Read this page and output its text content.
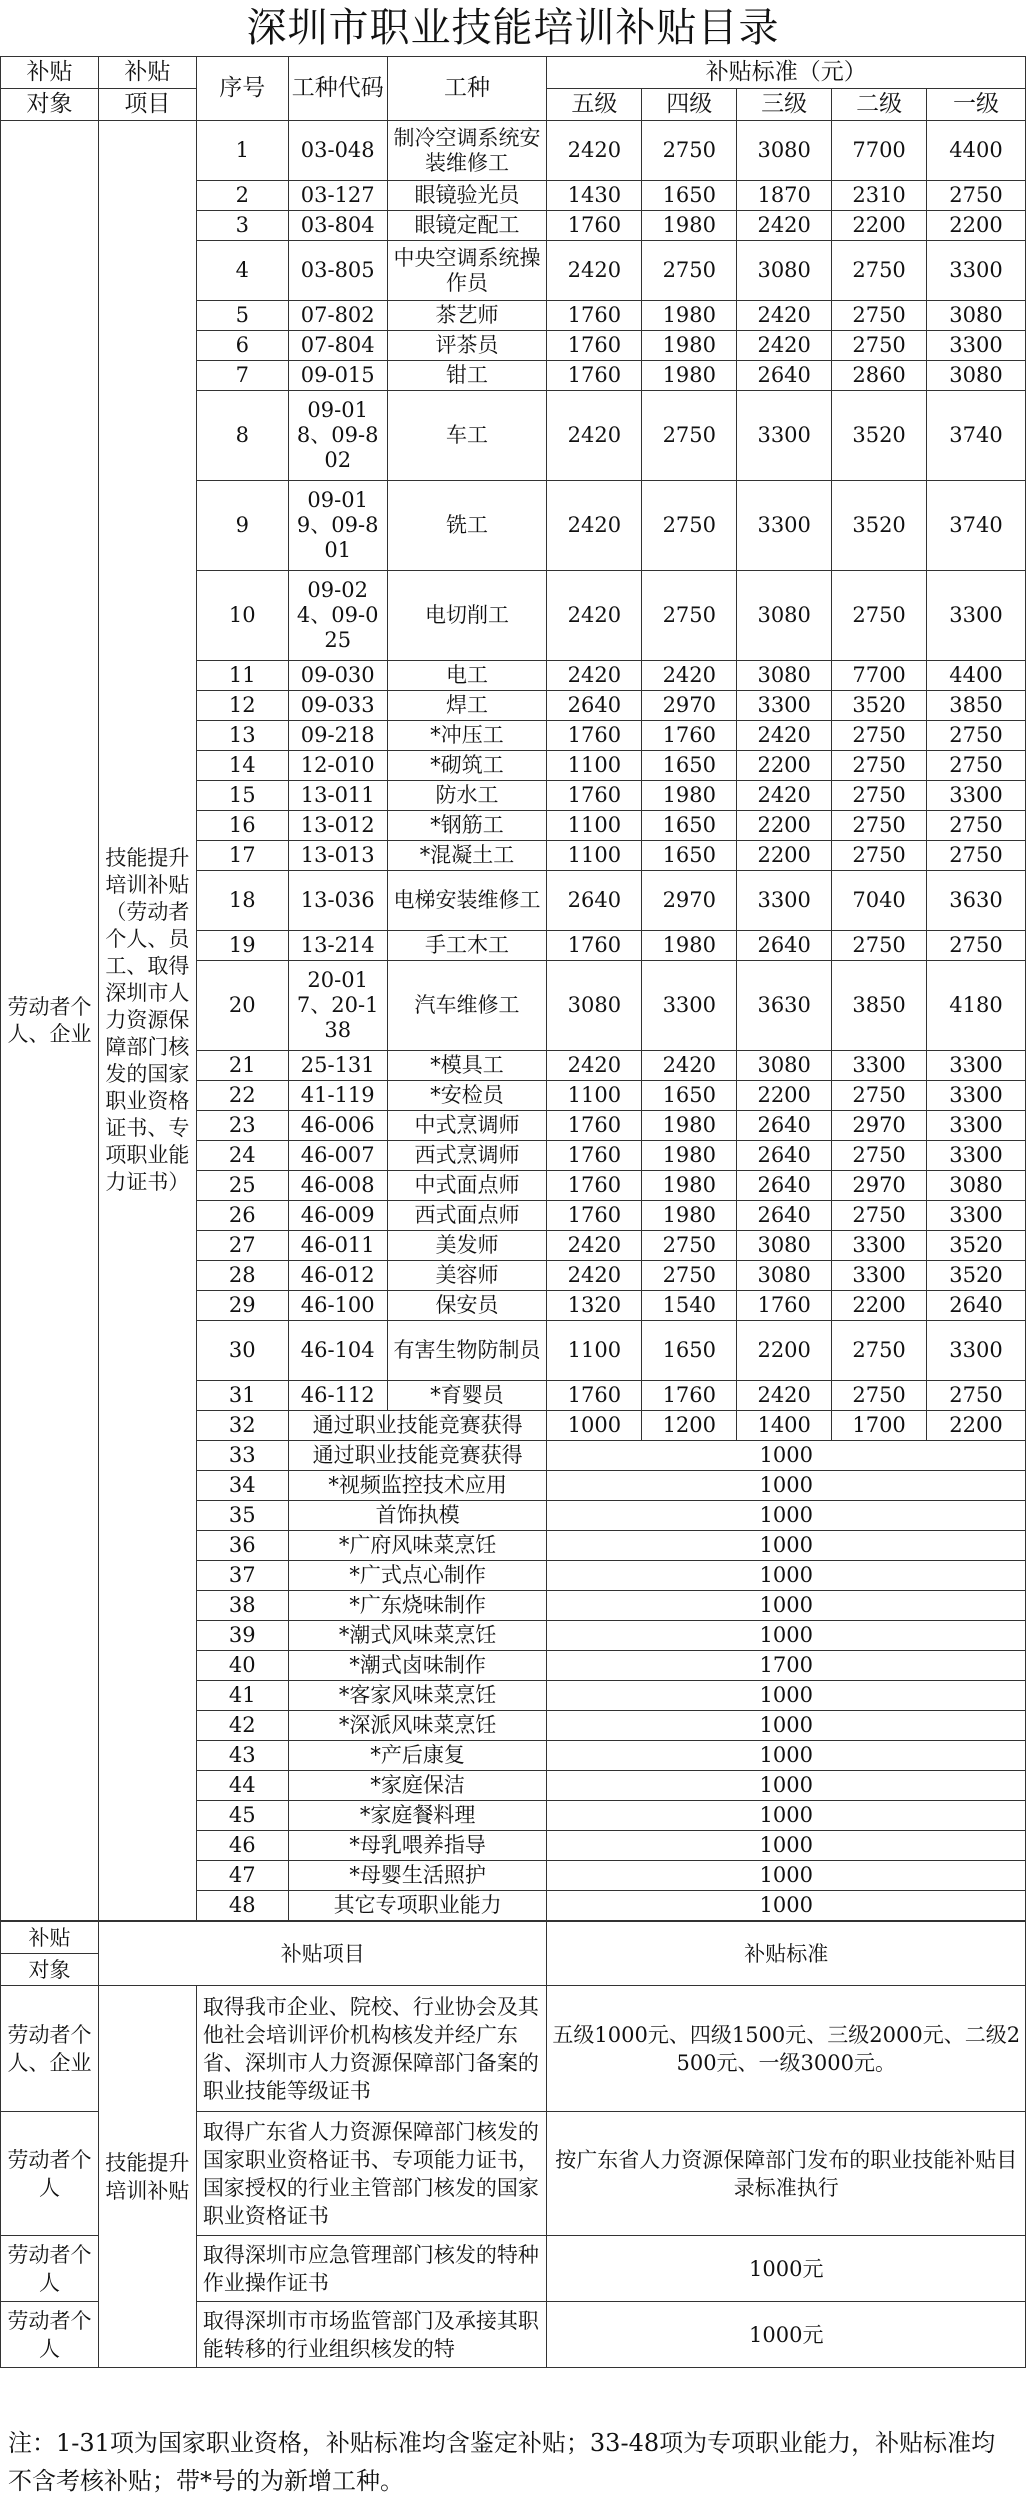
深圳市职业技能培训补贴目录
补贴	补贴	序号	工种代码	工种	补贴标准（元）				
对象	项目				五级	四级	三级	二级	一级
劳动者个人、企业	技能提升培训补贴（劳动者个人、员工、取得深圳市人力资源保障部门核发的国家职业资格证书、专项职业能力证书）	1	03-048	制冷空调系统安装维修工	2420	2750	3080	7700	4400
		2	03-127	眼镜验光员	1430	1650	1870	2310	2750
		3	03-804	眼镜定配工	1760	1980	2420	2200	2200
		4	03-805	中央空调系统操作员	2420	2750	3080	2750	3300
		5	07-802	茶艺师	1760	1980	2420	2750	3080
		6	07-804	评茶员	1760	1980	2420	2750	3300
		7	09-015	钳工	1760	1980	2640	2860	3080
		8	09-018、09-802	车工	2420	2750	3300	3520	3740
		9	09-019、09-801	铣工	2420	2750	3300	3520	3740
		10	09-024、09-025	电切削工	2420	2750	3080	2750	3300
		11	09-030	电工	2420	2420	3080	7700	4400
		12	09-033	焊工	2640	2970	3300	3520	3850
		13	09-218	*冲压工	1760	1760	2420	2750	2750
		14	12-010	*砌筑工	1100	1650	2200	2750	2750
		15	13-011	防水工	1760	1980	2420	2750	3300
		16	13-012	*钢筋工	1100	1650	2200	2750	2750
		17	13-013	*混凝土工	1100	1650	2200	2750	2750
		18	13-036	电梯安装维修工	2640	2970	3300	7040	3630
		19	13-214	手工木工	1760	1980	2640	2750	2750
		20	20-017、20-138	汽车维修工	3080	3300	3630	3850	4180
		21	25-131	*模具工	2420	2420	3080	3300	3300
		22	41-119	*安检员	1100	1650	2200	2750	3300
		23	46-006	中式烹调师	1760	1980	2640	2970	3300
		24	46-007	西式烹调师	1760	1980	2640	2750	3300
		25	46-008	中式面点师	1760	1980	2640	2970	3080
		26	46-009	西式面点师	1760	1980	2640	2750	3300
		27	46-011	美发师	2420	2750	3080	3300	3520
		28	46-012	美容师	2420	2750	3080	3300	3520
		29	46-100	保安员	1320	1540	1760	2200	2640
		30	46-104	有害生物防制员	1100	1650	2200	2750	3300
		31	46-112	*育婴员	1760	1760	2420	2750	2750
		32	通过职业技能竞赛获得		1000	1200	1400	1700	2200
		33	通过职业技能竞赛获得		1000				
		34	*视频监控技术应用		1000				
		35	首饰执模		1000				
		36	*广府风味菜烹饪		1000				
		37	*广式点心制作		1000				
		38	*广东烧味制作		1000				
		39	*潮式风味菜烹饪		1000				
		40	*潮式卤味制作		1700				
		41	*客家风味菜烹饪		1000				
		42	*深派风味菜烹饪		1000				
		43	*产后康复		1000				
		44	*家庭保洁		1000				
		45	*家庭餐料理		1000				
		46	*母乳喂养指导		1000				
		47	*母婴生活照护		1000				
		48	其它专项职业能力		1000				
补贴	补贴项目		补贴标准
对象			
劳动者个人、企业	技能提升培训补贴	取得我市企业、院校、行业协会及其他社会培训评价机构核发并经广东省、深圳市人力资源保障部门备案的职业技能等级证书	五级1000元、四级1500元、三级2000元、二级2500元、一级3000元。
劳动者个人		取得广东省人力资源保障部门核发的国家职业资格证书、专项能力证书，国家授权的行业主管部门核发的国家职业资格证书	按广东省人力资源保障部门发布的职业技能补贴目录标准执行
劳动者个人		取得深圳市应急管理部门核发的特种作业操作证书	1000元
劳动者个人		取得深圳市市场监管部门及承接其职能转移的行业组织核发的特	1000元
注：1-31项为国家职业资格，补贴标准均含鉴定补贴；33-48项为专项职业能力，补贴标准均不含考核补贴；带*号的为新增工种。
